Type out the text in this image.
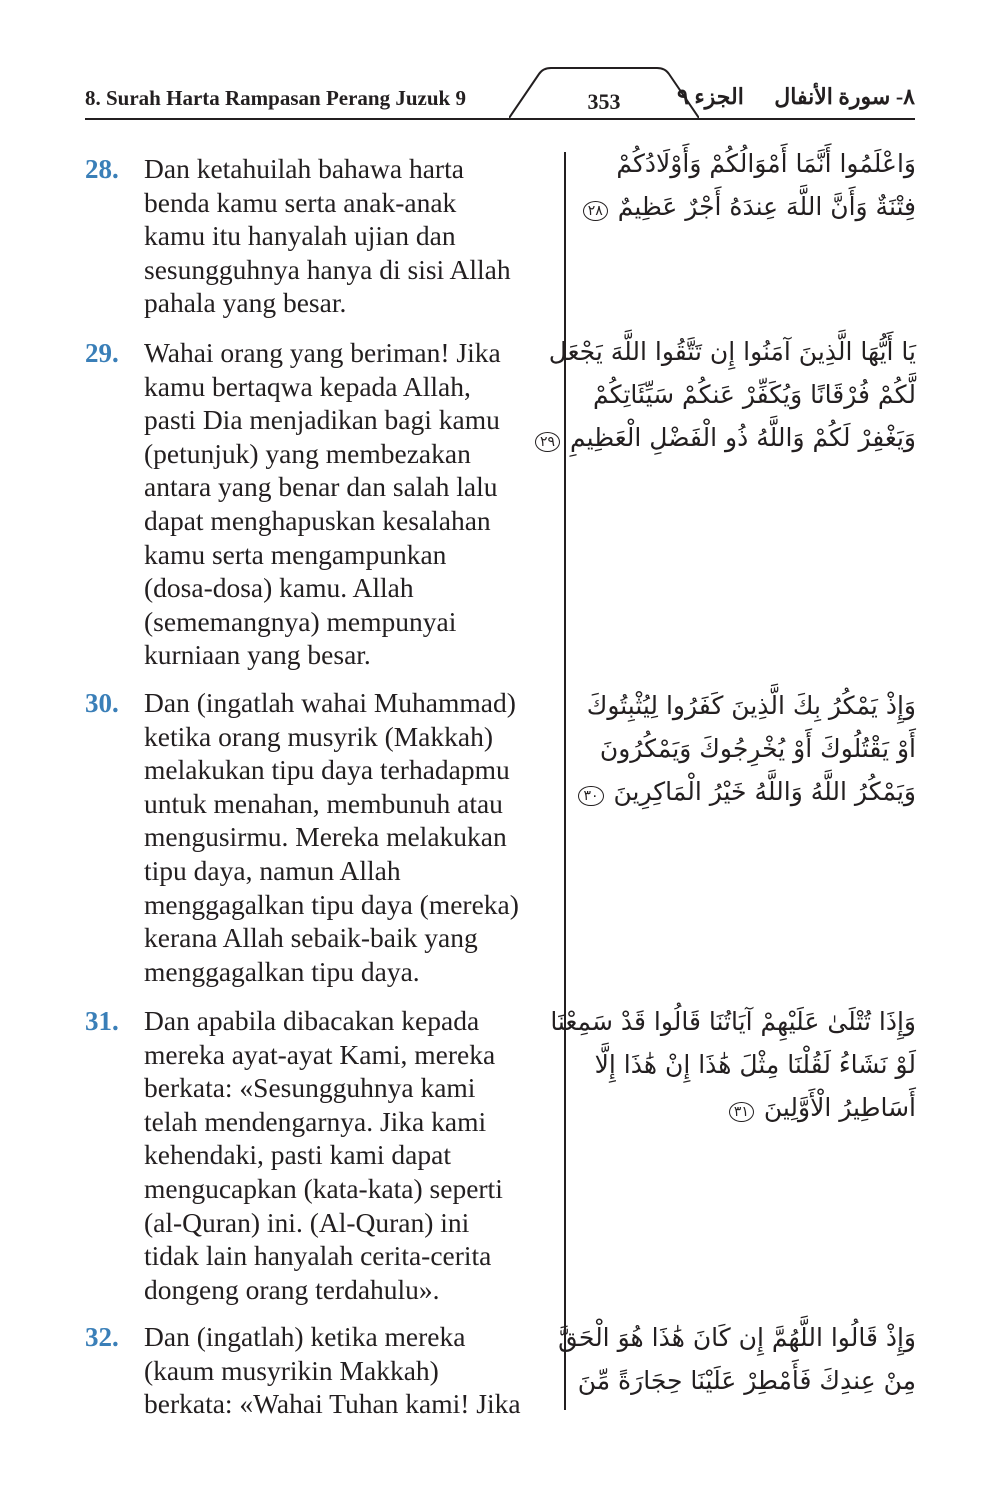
8. Surah Harta Rampasan Perang Juzuk 9	353	الجزء ٩ ٨- سورة الأنفال
28. Dan ketahuilah bahawa harta
benda kamu serta anak-anak
kamu itu hanyalah ujian dan
sesungguhnya hanya di sisi Allah
pahala yang besar.
وَاعْلَمُوا أَنَّمَا أَمْوَالُكُمْ وَأَوْلَادُكُمْ
فِتْنَةٌ وَأَنَّ اللَّهَ عِندَهُ أَجْرٌ عَظِيمٌ ٢٨
29. Wahai orang yang beriman! Jika
kamu bertaqwa kepada Allah,
pasti Dia menjadikan bagi kamu
(petunjuk) yang membezakan
antara yang benar dan salah lalu
dapat menghapuskan kesalahan
kamu serta mengampunkan
(dosa-dosa) kamu. Allah
(sememangnya) mempunyai
kurniaan yang besar.
يَا أَيُّهَا الَّذِينَ آمَنُوا إِن تَتَّقُوا اللَّهَ يَجْعَل
لَّكُمْ فُرْقَانًا وَيُكَفِّرْ عَنكُمْ سَيِّئَاتِكُمْ
وَيَغْفِرْ لَكُمْ وَاللَّهُ ذُو الْفَضْلِ الْعَظِيمِ ٢٩
30. Dan (ingatlah wahai Muhammad)
ketika orang musyrik (Makkah)
melakukan tipu daya terhadapmu
untuk menahan, membunuh atau
mengusirmu. Mereka melakukan
tipu daya, namun Allah
menggagalkan tipu daya (mereka)
kerana Allah sebaik-baik yang
menggagalkan tipu daya.
وَإِذْ يَمْكُرُ بِكَ الَّذِينَ كَفَرُوا لِيُثْبِتُوكَ
أَوْ يَقْتُلُوكَ أَوْ يُخْرِجُوكَ وَيَمْكُرُونَ
وَيَمْكُرُ اللَّهُ وَاللَّهُ خَيْرُ الْمَاكِرِينَ ٣٠
31. Dan apabila dibacakan kepada
mereka ayat-ayat Kami, mereka
berkata: «Sesungguhnya kami
telah mendengarnya. Jika kami
kehendaki, pasti kami dapat
mengucapkan (kata-kata) seperti
(al-Quran) ini. (Al-Quran) ini
tidak lain hanyalah cerita-cerita
dongeng orang terdahulu».
وَإِذَا تُتْلَىٰ عَلَيْهِمْ آيَاتُنَا قَالُوا قَدْ سَمِعْنَا
لَوْ نَشَاءُ لَقُلْنَا مِثْلَ هَٰذَا إِنْ هَٰذَا إِلَّا
أَسَاطِيرُ الْأَوَّلِينَ ٣١
32. Dan (ingatlah) ketika mereka
(kaum musyrikin Makkah)
berkata: «Wahai Tuhan kami! Jika
وَإِذْ قَالُوا اللَّهُمَّ إِن كَانَ هَٰذَا هُوَ الْحَقَّ
مِنْ عِندِكَ فَأَمْطِرْ عَلَيْنَا حِجَارَةً مِّنَ
